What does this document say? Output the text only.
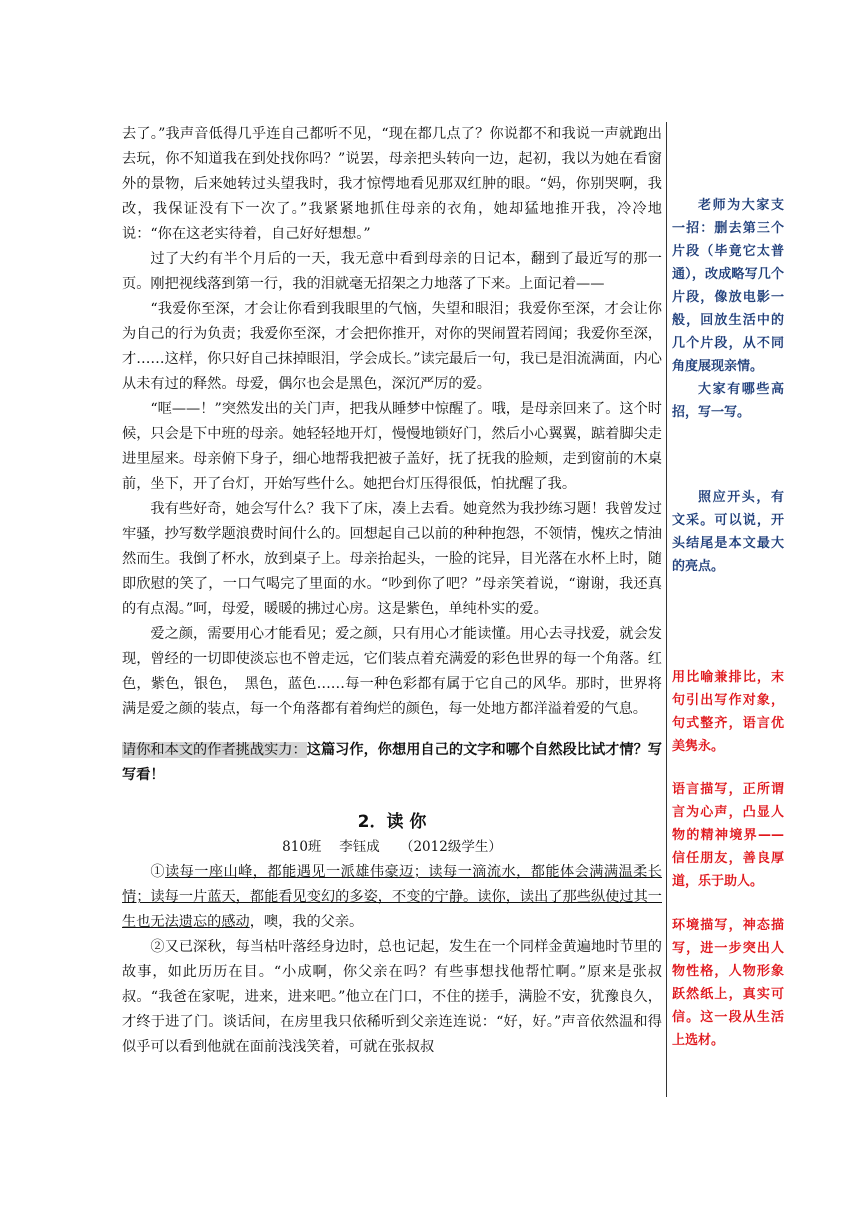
去了。”我声音低得几乎连自己都听不见，“现在都几点了？你说都不和我说一声就跑出去玩，你不知道我在到处找你吗？”说罢，母亲把头转向一边，起初，我以为她在看窗外的景物，后来她转过头望我时，我才惊愕地看见那双红肿的眼。“妈，你别哭啊，我改，我保证没有下一次了。”我紧紧地抓住母亲的衣角，她却猛地推开我，冷冷地说：“你在这老实待着，自己好好想想。”

过了大约有半个月后的一天，我无意中看到母亲的日记本，翻到了最近写的那一页。刚把视线落到第一行，我的泪就毫无招架之力地落了下来。上面记着——

“我爱你至深，才会让你看到我眼里的气恼，失望和眼泪；我爱你至深，才会让你为自己的行为负责；我爱你至深，才会把你推开，对你的哭闹置若罔闻；我爱你至深，才……这样，你只好自己抹掉眼泪，学会成长。”读完最后一句，我已是泪流满面，内心从未有过的释然。母爱，偶尔也会是黑色，深沉严厉的爱。

“哐——！”突然发出的关门声，把我从睡梦中惊醒了。哦，是母亲回来了。这个时候，只会是下中班的母亲。她轻轻地开灯，慢慢地锁好门，然后小心翼翼，踮着脚尖走进里屋来。母亲俯下身子，细心地帮我把被子盖好，抚了抚我的脸颊，走到窗前的木桌前，坐下，开了台灯，开始写些什么。她把台灯压得很低，怕扰醒了我。

我有些好奇，她会写什么？我下了床，凑上去看。她竟然为我抄练习题！我曾发过牢骚，抄写数学题浪费时间什么的。回想起自己以前的种种抱怨，不领情，愧疚之情油然而生。我倒了杯水，放到桌子上。母亲抬起头，一脸的诧异，目光落在水杯上时，随即欣慰的笑了，一口气喝完了里面的水。“吵到你了吧？”母亲笑着说，“谢谢，我还真的有点渴。”呵，母爱，暖暖的拂过心房。这是紫色，单纯朴实的爱。

爱之颜，需要用心才能看见；爱之颜，只有用心才能读懂。用心去寻找爱，就会发现，曾经的一切即使淡忘也不曾走远，它们装点着充满爱的彩色世界的每一个角落。红色，紫色，银色，　黑色，蓝色……每一种色彩都有属于它自己的风华。那时，世界将满是爱之颜的装点，每一个角落都有着绚烂的颜色，每一处地方都洋溢着爱的气息。

请你和本文的作者挑战实力：这篇习作，你想用自己的文字和哪个自然段比试才情？写写看！

2．读 你

810班　 李钰成　　（2012级学生）

①读每一座山峰，都能遇见一派雄伟豪迈；读每一滴流水，都能体会满满温柔长情；读每一片蓝天，都能看见变幻的多姿，不变的宁静。读你，读出了那些纵使过其一生也无法遗忘的感动，噢，我的父亲。

②又已深秋，每当枯叶落经身边时，总也记起，发生在一个同样金黄遍地时节里的故事，如此历历在目。“小成啊，你父亲在吗？有些事想找他帮忙啊。”原来是张叔叔。“我爸在家呢，进来，进来吧。”他立在门口，不住的搓手，满脸不安，犹豫良久，才终于进了门。谈话间，在房里我只依稀听到父亲连连说：“好，好。”声音依然温和得似乎可以看到他就在面前浅浅笑着，可就在张叔叔

老师为大家支一招：删去第三个片段（毕竟它太普通），改成略写几个片段，像放电影一般，回放生活中的几个片段，从不同角度展现亲情。

大家有哪些高招，写一写。

照应开头，有文采。可以说，开头结尾是本文最大的亮点。

用比喻兼排比，末句引出写作对象，句式整齐，语言优美隽永。

语言描写，正所谓言为心声，凸显人物的精神境界——信任朋友，善良厚道，乐于助人。

环境描写，神态描写，进一步突出人物性格，人物形象跃然纸上，真实可信。这一段从生活上选材。
